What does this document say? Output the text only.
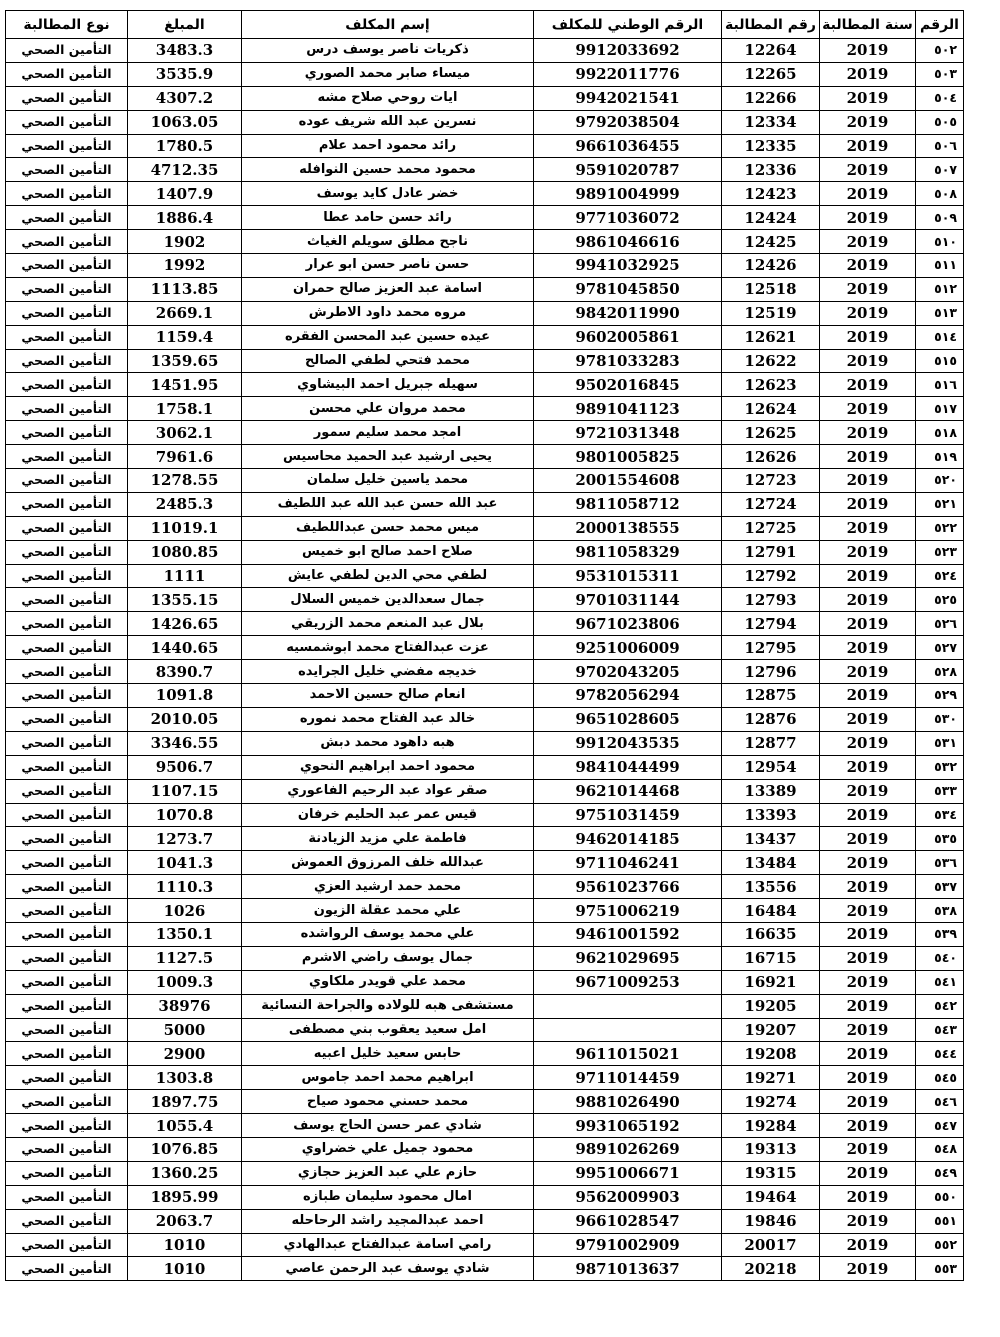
الرقم	سنة المطالبة	رقم المطالبة	الرقم الوطني للمكلف	إسم المكلف	المبلغ	نوع المطالبة
٥٠٢	2019	12264	9912033692	ذكريات ناصر يوسف درس	3483.3	التأمين الصحي
٥٠٣	2019	12265	9922011776	ميساء صابر محمد الصوري	3535.9	التأمين الصحي
٥٠٤	2019	12266	9942021541	ايات روحي صلاح مشه	4307.2	التأمين الصحي
٥٠٥	2019	12334	9792038504	نسرين عبد الله شريف عوده	1063.05	التأمين الصحي
٥٠٦	2019	12335	9661036455	رائد محمود احمد علام	1780.5	التأمين الصحي
٥٠٧	2019	12336	9591020787	محمود محمد حسين النوافله	4712.35	التأمين الصحي
٥٠٨	2019	12423	9891004999	خضر عادل كايد يوسف	1407.9	التأمين الصحي
٥٠٩	2019	12424	9771036072	رائد حسن حامد عطا	1886.4	التأمين الصحي
٥١٠	2019	12425	9861046616	ناجح مطلق سويلم الغياث	1902	التأمين الصحي
٥١١	2019	12426	9941032925	حسن ناصر حسن ابو عرار	1992	التأمين الصحي
٥١٢	2019	12518	9781045850	اسامة عبد العزيز صالح حمران	1113.85	التأمين الصحي
٥١٣	2019	12519	9842011990	مروه محمد داود الاطرش	2669.1	التأمين الصحي
٥١٤	2019	12621	9602005861	عيده حسين عبد المحسن الفقره	1159.4	التأمين الصحي
٥١٥	2019	12622	9781033283	محمد فتحي لطفي الصالح	1359.65	التأمين الصحي
٥١٦	2019	12623	9502016845	سهيله جبريل احمد البيشاوي	1451.95	التأمين الصحي
٥١٧	2019	12624	9891041123	محمد مروان علي محسن	1758.1	التأمين الصحي
٥١٨	2019	12625	9721031348	امجد محمد سليم سمور	3062.1	التأمين الصحي
٥١٩	2019	12626	9801005825	يحيى ارشيد عبد الحميد محاسيس	7961.6	التأمين الصحي
٥٢٠	2019	12723	2001554608	محمد ياسين خليل سلمان	1278.55	التأمين الصحي
٥٢١	2019	12724	9811058712	عبد الله حسن عبد الله عبد اللطيف	2485.3	التأمين الصحي
٥٢٢	2019	12725	2000138555	ميس محمد حسن عبداللطيف	11019.1	التأمين الصحي
٥٢٣	2019	12791	9811058329	صلاح احمد صالح ابو خميس	1080.85	التأمين الصحي
٥٢٤	2019	12792	9531015311	لطفي محي الدين لطفي عايش	1111	التأمين الصحي
٥٢٥	2019	12793	9701031144	جمال سعدالدين خميس السلال	1355.15	التأمين الصحي
٥٢٦	2019	12794	9671023806	بلال عبد المنعم محمد الزريقي	1426.65	التأمين الصحي
٥٢٧	2019	12795	9251006009	عزت عبدالفتاح محمد ابوشمسيه	1440.65	التأمين الصحي
٥٢٨	2019	12796	9702043205	خديجه مفضي خليل الجرايده	8390.7	التأمين الصحي
٥٢٩	2019	12875	9782056294	انعام صالح حسين الاحمد	1091.8	التأمين الصحي
٥٣٠	2019	12876	9651028605	خالد عبد الفتاح محمد نموره	2010.05	التأمين الصحي
٥٣١	2019	12877	9912043535	هبه داهود محمد دبش	3346.55	التأمين الصحي
٥٣٢	2019	12954	9841044499	محمود احمد ابراهيم النحوي	9506.7	التأمين الصحي
٥٣٣	2019	13389	9621014468	صقر عواد عبد الرحيم الفاعوري	1107.15	التأمين الصحي
٥٣٤	2019	13393	9751031459	قيس عمر عبد الحليم خرفان	1070.8	التأمين الصحي
٥٣٥	2019	13437	9462014185	فاطمة علي مزيد الزيادنة	1273.7	التأمين الصحي
٥٣٦	2019	13484	9711046241	عبدالله خلف المرزوق العموش	1041.3	التأمين الصحي
٥٣٧	2019	13556	9561023766	محمد حمد ارشيد العزي	1110.3	التأمين الصحي
٥٣٨	2019	16484	9751006219	علي محمد عقلة الزيون	1026	التأمين الصحي
٥٣٩	2019	16635	9461001592	علي محمد يوسف الرواشده	1350.1	التأمين الصحي
٥٤٠	2019	16715	9621029695	جمال يوسف راضي الاشرم	1127.5	التأمين الصحي
٥٤١	2019	16921	9671009253	محمد علي قويدر ملكاوي	1009.3	التأمين الصحي
٥٤٢	2019	19205		مستشفى هبه للولاده والجراحة النسائية	38976	التأمين الصحي
٥٤٣	2019	19207		امل سعيد يعقوب بني مصطفى	5000	التأمين الصحي
٥٤٤	2019	19208	9611015021	حابس سعيد خليل اعبيه	2900	التأمين الصحي
٥٤٥	2019	19271	9711014459	ابراهيم محمد احمد جاموس	1303.8	التأمين الصحي
٥٤٦	2019	19274	9881026490	محمد حسني محمود صياح	1897.75	التأمين الصحي
٥٤٧	2019	19284	9931065192	شادي عمر حسن الحاج يوسف	1055.4	التأمين الصحي
٥٤٨	2019	19313	9891026269	محمود جميل علي خضراوي	1076.85	التأمين الصحي
٥٤٩	2019	19315	9951006671	حازم علي عبد العزيز حجازي	1360.25	التأمين الصحي
٥٥٠	2019	19464	9562009903	امال محمود سليمان طبازه	1895.99	التأمين الصحي
٥٥١	2019	19846	9661028547	احمد عبدالمجيد راشد الرحاحله	2063.7	التأمين الصحي
٥٥٢	2019	20017	9791002909	رامي اسامة عبدالفتاح عبدالهادي	1010	التأمين الصحي
٥٥٣	2019	20218	9871013637	شادي يوسف عبد الرحمن عاصي	1010	التأمين الصحي
